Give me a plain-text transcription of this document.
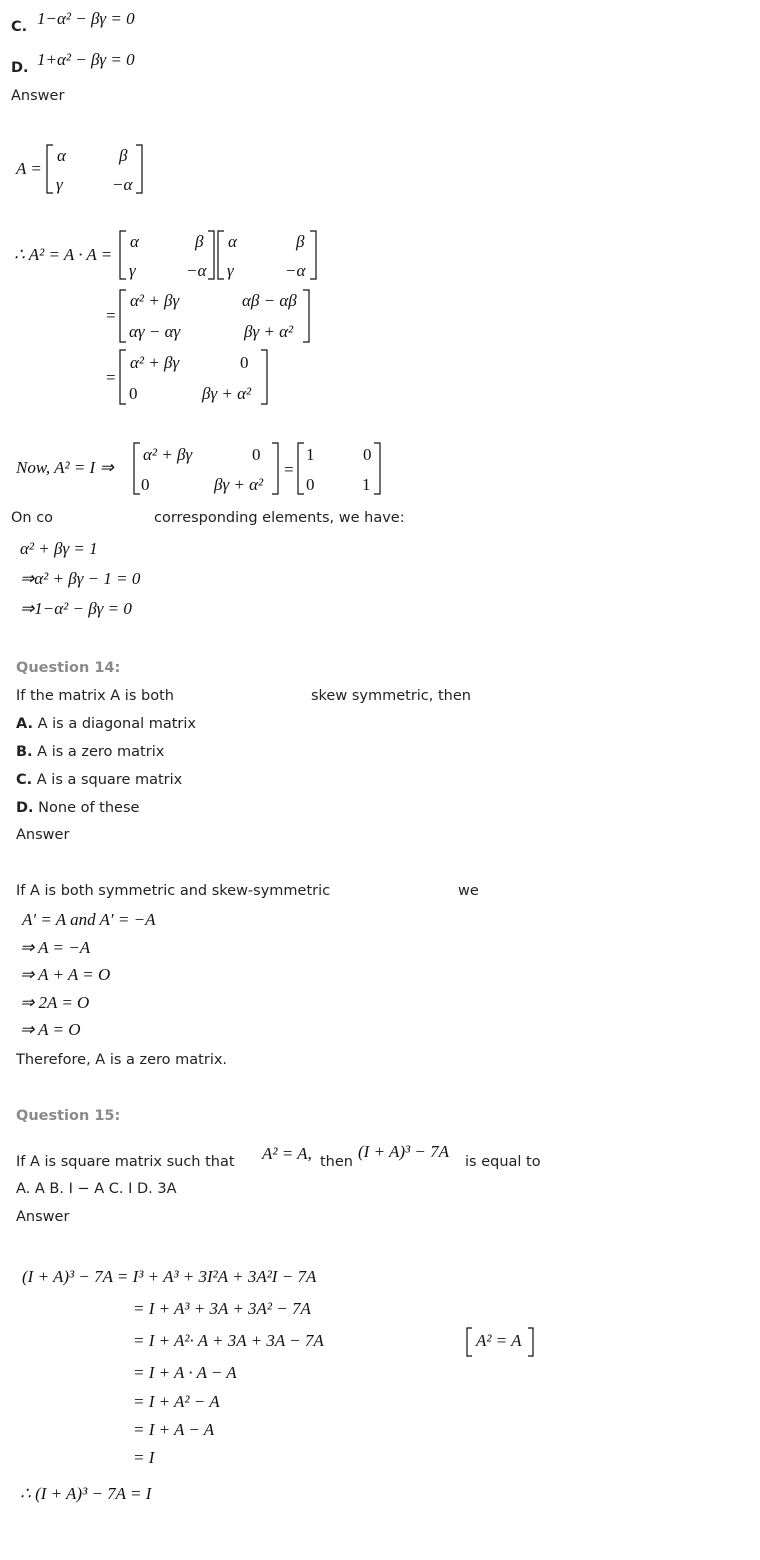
C. 1−α² − βγ = 0
D. 1+α² − βγ = 0
Answer
A =
α	β
γ	−α
∴ A² = A · A =
α	β
γ	−α
α	β
γ	−α
=
α² + βγ	αβ − αβ
αγ − αγ	βγ + α²
=
α² + βγ	0
0	βγ + α²
Now, A² = I ⇒
α² + βγ	0
0	βγ + α²
=
1	0
0	1
On co	corresponding elements, we have:
α² + βγ = 1
⇒α² + βγ − 1 = 0
⇒1−α² − βγ = 0
Question 14:
If the matrix A is both	skew symmetric, then
A. A is a diagonal matrix
B. A is a zero matrix
C. A is a square matrix
D. None of these
Answer
If A is both symmetric and skew-symmetric	we
A′ = A and A′ = −A
⇒ A = −A
⇒ A + A = O
⇒ 2A = O
⇒ A = O
Therefore, A is a zero matrix.
Question 15:
If A is square matrix such that A² = A, then
(I + A)³ − 7A
is equal to
A. A B. I − A C. I D. 3A
Answer
(I + A)³ − 7A = I³ + A³ + 3I²A + 3A²I − 7A
= I + A³ + 3A + 3A² − 7A
= I + A²· A + 3A + 3A − 7A	A² = A
= I + A · A − A
= I + A² − A
= I + A − A
= I
∴ (I + A)³ − 7A = I
